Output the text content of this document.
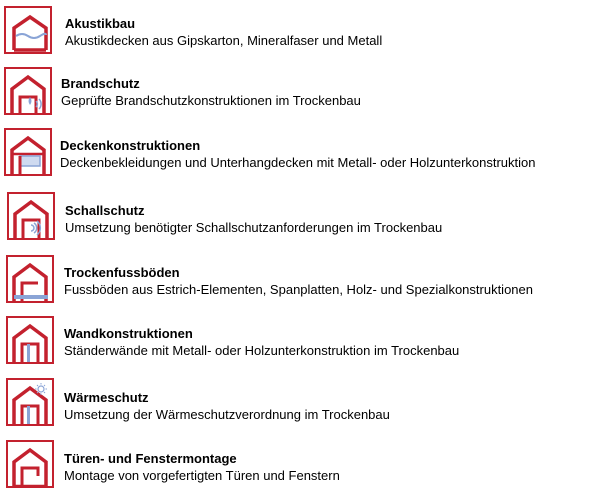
Akustikbau
Akustikdecken aus Gipskarton, Mineralfaser und Metall
Brandschutz
Geprüfte Brandschutzkonstruktionen im Trockenbau
Deckenkonstruktionen
Deckenbekleidungen und Unterhangdecken mit Metall- oder Holzunterkonstruktion
Schallschutz
Umsetzung benötigter Schallschutzanforderungen im Trockenbau
Trockenfussböden
Fussböden aus Estrich-Elementen, Spanplatten, Holz- und Spezialkonstruktionen
Wandkonstruktionen
Ständerwände mit Metall- oder Holzunterkonstruktion im Trockenbau
Wärmeschutz
Umsetzung der Wärmeschutzverordnung im Trockenbau
Türen- und Fenstermontage
Montage von vorgefertigten Türen und Fenstern
